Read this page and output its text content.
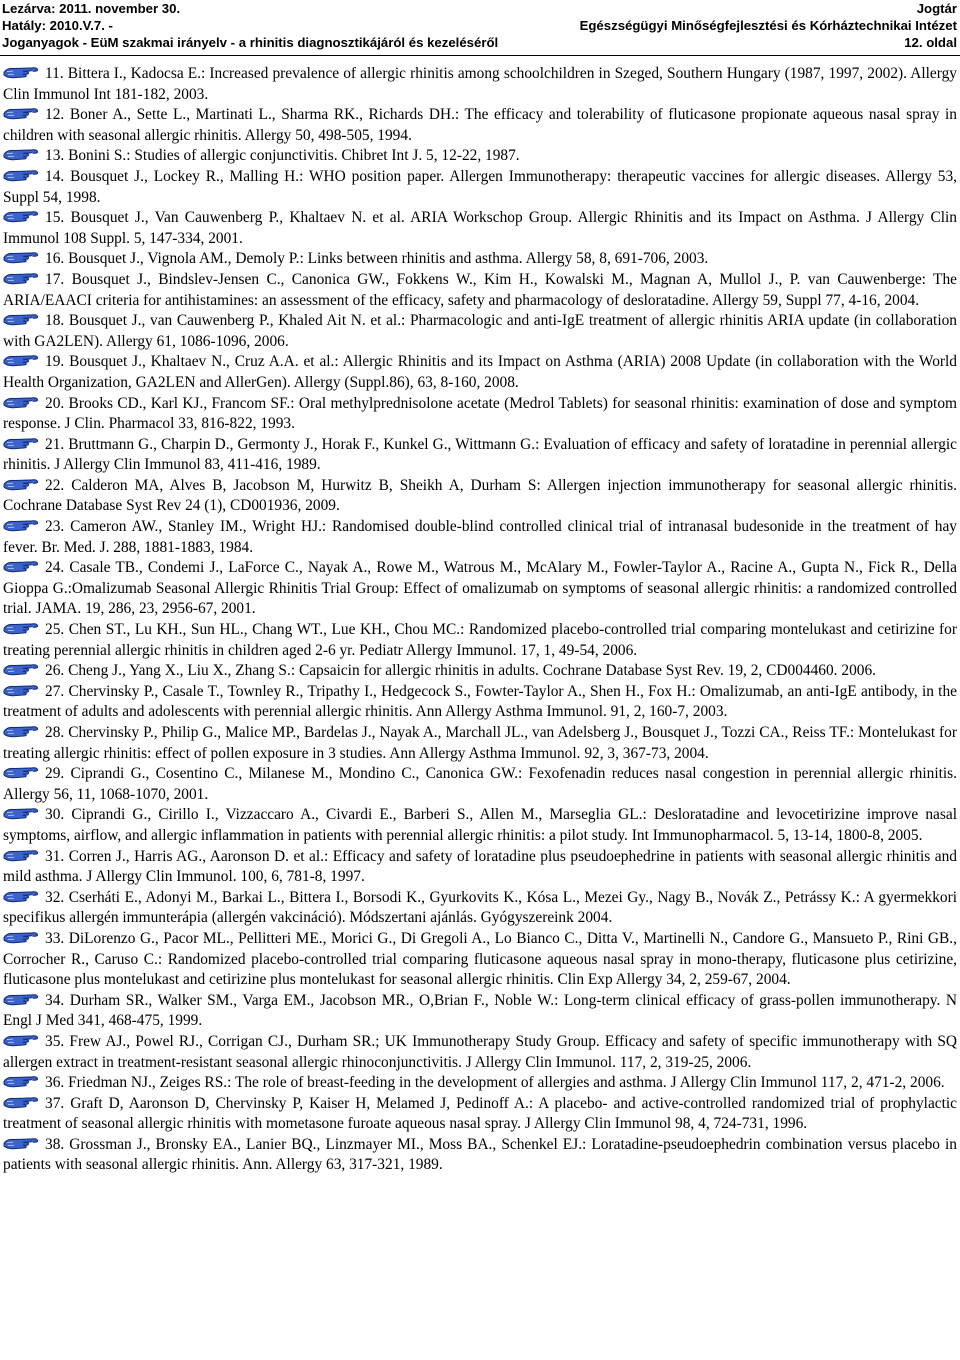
Lezárva: 2011. november 30.	Jogtár
Hatály: 2010.V.7. -	Egészségügyi Minőségfejlesztési és Kórháztechnikai Intézet
Joganyagok - EüM szakmai irányelv - a rhinitis diagnosztikájáról és kezeléséről	12. oldal

11. Bittera I., Kadocsa E.: Increased prevalence of allergic rhinitis among schoolchildren in Szeged, Southern Hungary (1987, 1997, 2002). Allergy Clin Immunol Int 181-182, 2003.

12. Boner A., Sette L., Martinati L., Sharma RK., Richards DH.: The efficacy and tolerability of fluticasone propionate aqueous nasal spray in children with seasonal allergic rhinitis. Allergy 50, 498-505, 1994.

13. Bonini S.: Studies of allergic conjunctivitis. Chibret Int J. 5, 12-22, 1987.

14. Bousquet J., Lockey R., Malling H.: WHO position paper. Allergen Immunotherapy: therapeutic vaccines for allergic diseases. Allergy 53, Suppl 54, 1998.

15. Bousquet J., Van Cauwenberg P., Khaltaev N. et al. ARIA Workschop Group. Allergic Rhinitis and its Impact on Asthma. J Allergy Clin Immunol 108 Suppl. 5, 147-334, 2001.

16. Bousquet J., Vignola AM., Demoly P.: Links between rhinitis and asthma. Allergy 58, 8, 691-706, 2003.

17. Bousquet J., Bindslev-Jensen C., Canonica GW., Fokkens W., Kim H., Kowalski M., Magnan A, Mullol J., P. van Cauwenberge: The ARIA/EAACI criteria for antihistamines: an assessment of the efficacy, safety and pharmacology of desloratadine. Allergy 59, Suppl 77, 4-16, 2004.

18. Bousquet J., van Cauwenberg P., Khaled Ait N. et al.: Pharmacologic and anti-IgE treatment of allergic rhinitis ARIA update (in collaboration with GA2LEN). Allergy 61, 1086-1096, 2006.

19. Bousquet J., Khaltaev N., Cruz A.A. et al.: Allergic Rhinitis and its Impact on Asthma (ARIA) 2008 Update (in collaboration with the World Health Organization, GA2LEN and AllerGen). Allergy (Suppl.86), 63, 8-160, 2008.

20. Brooks CD., Karl KJ., Francom SF.: Oral methylprednisolone acetate (Medrol Tablets) for seasonal rhinitis: examination of dose and symptom response. J Clin. Pharmacol 33, 816-822, 1993.

21. Bruttmann G., Charpin D., Germonty J., Horak F., Kunkel G., Wittmann G.: Evaluation of efficacy and safety of loratadine in perennial allergic rhinitis. J Allergy Clin Immunol 83, 411-416, 1989.

22. Calderon MA, Alves B, Jacobson M, Hurwitz B, Sheikh A, Durham S: Allergen injection immunotherapy for seasonal allergic rhinitis. Cochrane Database Syst Rev 24 (1), CD001936, 2009.

23. Cameron AW., Stanley IM., Wright HJ.: Randomised double-blind controlled clinical trial of intranasal budesonide in the treatment of hay fever. Br. Med. J. 288, 1881-1883, 1984.

24. Casale TB., Condemi J., LaForce C., Nayak A., Rowe M., Watrous M., McAlary M., Fowler-Taylor A., Racine A., Gupta N., Fick R., Della Gioppa G.:Omalizumab Seasonal Allergic Rhinitis Trial Group: Effect of omalizumab on symptoms of seasonal allergic rhinitis: a randomized controlled trial. JAMA. 19, 286, 23, 2956-67, 2001.

25. Chen ST., Lu KH., Sun HL., Chang WT., Lue KH., Chou MC.: Randomized placebo-controlled trial comparing montelukast and cetirizine for treating perennial allergic rhinitis in children aged 2-6 yr. Pediatr Allergy Immunol. 17, 1, 49-54, 2006.

26. Cheng J., Yang X., Liu X., Zhang S.: Capsaicin for allergic rhinitis in adults. Cochrane Database Syst Rev. 19, 2, CD004460. 2006.

27. Chervinsky P., Casale T., Townley R., Tripathy I., Hedgecock S., Fowter-Taylor A., Shen H., Fox H.: Omalizumab, an anti-IgE antibody, in the treatment of adults and adolescents with perennial allergic rhinitis. Ann Allergy Asthma Immunol. 91, 2, 160-7, 2003.

28. Chervinsky P., Philip G., Malice MP., Bardelas J., Nayak A., Marchall JL., van Adelsberg J., Bousquet J., Tozzi CA., Reiss TF.: Montelukast for treating allergic rhinitis: effect of pollen exposure in 3 studies. Ann Allergy Asthma Immunol. 92, 3, 367-73, 2004.

29. Ciprandi G., Cosentino C., Milanese M., Mondino C., Canonica GW.: Fexofenadin reduces nasal congestion in perennial allergic rhinitis. Allergy 56, 11, 1068-1070, 2001.

30. Ciprandi G., Cirillo I., Vizzaccaro A., Civardi E., Barberi S., Allen M., Marseglia GL.: Desloratadine and levocetirizine improve nasal symptoms, airflow, and allergic inflammation in patients with perennial allergic rhinitis: a pilot study. Int Immunopharmacol. 5, 13-14, 1800-8, 2005.

31. Corren J., Harris AG., Aaronson D. et al.: Efficacy and safety of loratadine plus pseudoephedrine in patients with seasonal allergic rhinitis and mild asthma. J Allergy Clin Immunol. 100, 6, 781-8, 1997.

32. Cserháti E., Adonyi M., Barkai L., Bittera I., Borsodi K., Gyurkovits K., Kósa L., Mezei Gy., Nagy B., Novák Z., Petrássy K.: A gyermekkori specifikus allergén immunterápia (allergén vakcináció). Módszertani ajánlás. Gyógyszereink 2004.

33. DiLorenzo G., Pacor ML., Pellitteri ME., Morici G., Di Gregoli A., Lo Bianco C., Ditta V., Martinelli N., Candore G., Mansueto P., Rini GB., Corrocher R., Caruso C.: Randomized placebo-controlled trial comparing fluticasone aqueous nasal spray in mono-therapy, fluticasone plus cetirizine, fluticasone plus montelukast and cetirizine plus montelukast for seasonal allergic rhinitis. Clin Exp Allergy 34, 2, 259-67, 2004.

34. Durham SR., Walker SM., Varga EM., Jacobson MR., O,Brian F., Noble W.: Long-term clinical efficacy of grass-pollen immunotherapy. N Engl J Med 341, 468-475, 1999.

35. Frew AJ., Powel RJ., Corrigan CJ., Durham SR.; UK Immunotherapy Study Group. Efficacy and safety of specific immunotherapy with SQ allergen extract in treatment-resistant seasonal allergic rhinoconjunctivitis. J Allergy Clin Immunol. 117, 2, 319-25, 2006.

36. Friedman NJ., Zeiges RS.: The role of breast-feeding in the development of allergies and asthma. J Allergy Clin Immunol 117, 2, 471-2, 2006.

37. Graft D, Aaronson D, Chervinsky P, Kaiser H, Melamed J, Pedinoff A.: A placebo- and active-controlled randomized trial of prophylactic treatment of seasonal allergic rhinitis with mometasone furoate aqueous nasal spray. J Allergy Clin Immunol 98, 4, 724-731, 1996.

38. Grossman J., Bronsky EA., Lanier BQ., Linzmayer MI., Moss BA., Schenkel EJ.: Loratadine-pseudoephedrin combination versus placebo in patients with seasonal allergic rhinitis. Ann. Allergy 63, 317-321, 1989.
